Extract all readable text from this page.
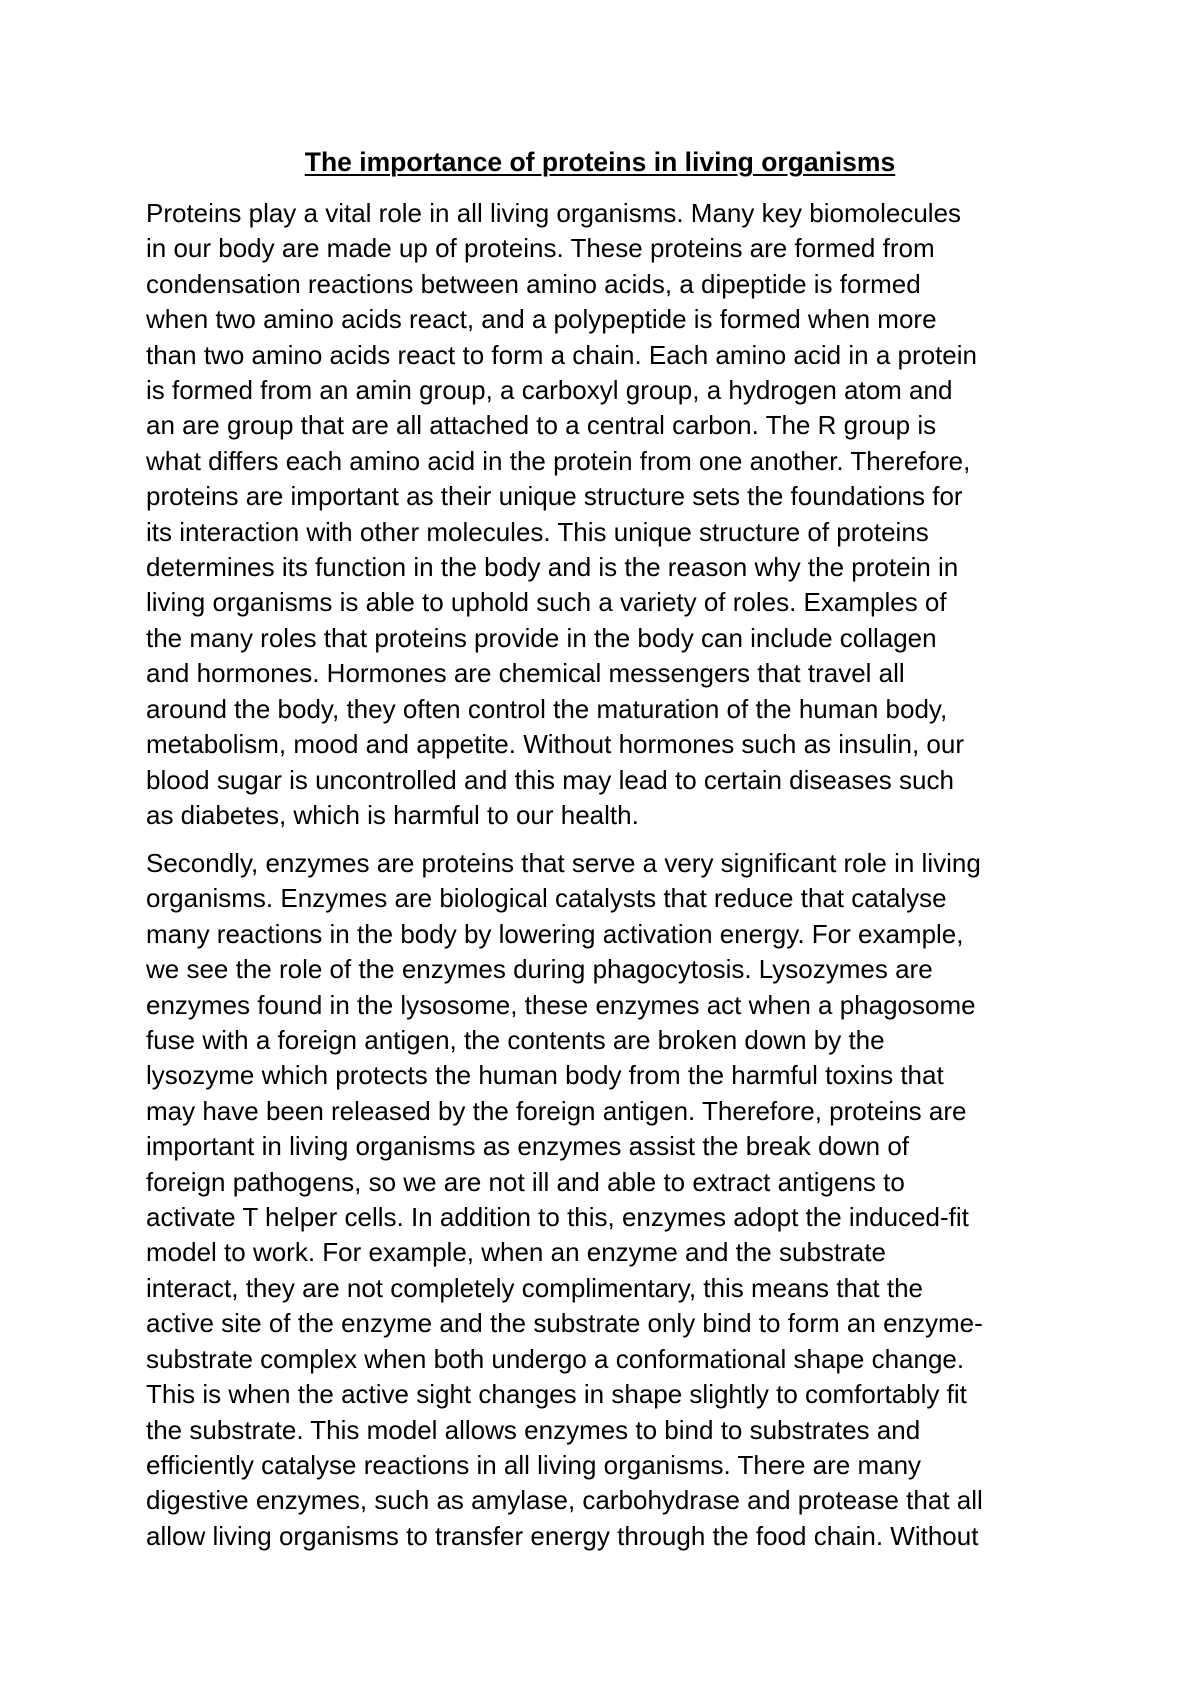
The importance of proteins in living organisms

Proteins play a vital role in all living organisms. Many key biomolecules
in our body are made up of proteins. These proteins are formed from
condensation reactions between amino acids, a dipeptide is formed
when two amino acids react, and a polypeptide is formed when more
than two amino acids react to form a chain. Each amino acid in a protein
is formed from an amin group, a carboxyl group, a hydrogen atom and
an are group that are all attached to a central carbon. The R group is
what differs each amino acid in the protein from one another. Therefore,
proteins are important as their unique structure sets the foundations for
its interaction with other molecules. This unique structure of proteins
determines its function in the body and is the reason why the protein in
living organisms is able to uphold such a variety of roles. Examples of
the many roles that proteins provide in the body can include collagen
and hormones. Hormones are chemical messengers that travel all
around the body, they often control the maturation of the human body,
metabolism, mood and appetite. Without hormones such as insulin, our
blood sugar is uncontrolled and this may lead to certain diseases such
as diabetes, which is harmful to our health.

Secondly, enzymes are proteins that serve a very significant role in living
organisms. Enzymes are biological catalysts that reduce that catalyse
many reactions in the body by lowering activation energy. For example,
we see the role of the enzymes during phagocytosis. Lysozymes are
enzymes found in the lysosome, these enzymes act when a phagosome
fuse with a foreign antigen, the contents are broken down by the
lysozyme which protects the human body from the harmful toxins that
may have been released by the foreign antigen. Therefore, proteins are
important in living organisms as enzymes assist the break down of
foreign pathogens, so we are not ill and able to extract antigens to
activate T helper cells. In addition to this, enzymes adopt the induced-fit
model to work. For example, when an enzyme and the substrate
interact, they are not completely complimentary, this means that the
active site of the enzyme and the substrate only bind to form an enzyme-
substrate complex when both undergo a conformational shape change.
This is when the active sight changes in shape slightly to comfortably fit
the substrate. This model allows enzymes to bind to substrates and
efficiently catalyse reactions in all living organisms. There are many
digestive enzymes, such as amylase, carbohydrase and protease that all
allow living organisms to transfer energy through the food chain. Without
